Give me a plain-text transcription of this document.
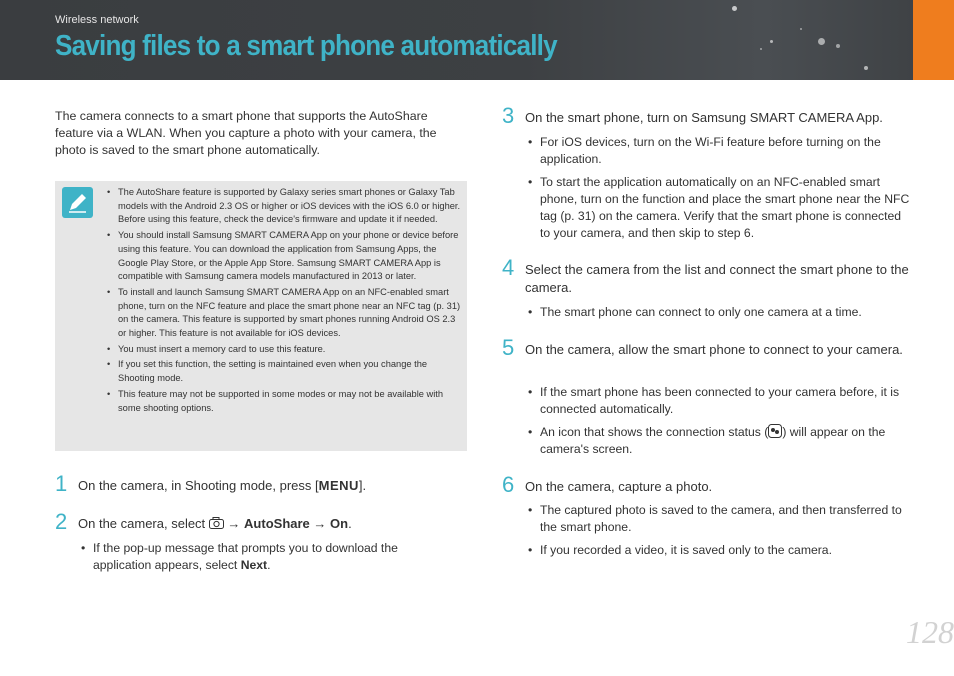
Wireless network
Saving files to a smart phone automatically

The camera connects to a smart phone that supports the AutoShare feature via a WLAN. When you capture a photo with your camera, the photo is saved to the smart phone automatically.

• The AutoShare feature is supported by Galaxy series smart phones or Galaxy Tab models with the Android 2.3 OS or higher or iOS devices with the iOS 6.0 or higher. Before using this feature, check the device's firmware and update it if needed.
• You should install Samsung SMART CAMERA App on your phone or device before using this feature. You can download the application from Samsung Apps, the Google Play Store, or the Apple App Store. Samsung SMART CAMERA App is compatible with Samsung camera models manufactured in 2013 or later.
• To install and launch Samsung SMART CAMERA App on an NFC-enabled smart phone, turn on the NFC feature and place the smart phone near an NFC tag (p. 31) on the camera. This feature is supported by smart phones running Android OS 2.3 or higher. This feature is not available for iOS devices.
• You must insert a memory card to use this feature.
• If you set this function, the setting is maintained even when you change the Shooting mode.
• This feature may not be supported in some modes or may not be available with some shooting options.
1 On the camera, in Shooting mode, press [MENU].
2 On the camera, select → AutoShare → On.
• If the pop-up message that prompts you to download the application appears, select Next.
3 On the smart phone, turn on Samsung SMART CAMERA App.
• For iOS devices, turn on the Wi-Fi feature before turning on the application.
• To start the application automatically on an NFC-enabled smart phone, turn on the function and place the smart phone near the NFC tag (p. 31) on the camera. Verify that the smart phone is connected to your camera, and then skip to step 6.
4 Select the camera from the list and connect the smart phone to the camera.
• The smart phone can connect to only one camera at a time.
5 On the camera, allow the smart phone to connect to your camera.
• If the smart phone has been connected to your camera before, it is connected automatically.
• An icon that shows the connection status ( ) will appear on the camera's screen.
6 On the camera, capture a photo.
• The captured photo is saved to the camera, and then transferred to the smart phone.
• If you recorded a video, it is saved only to the camera.
128
